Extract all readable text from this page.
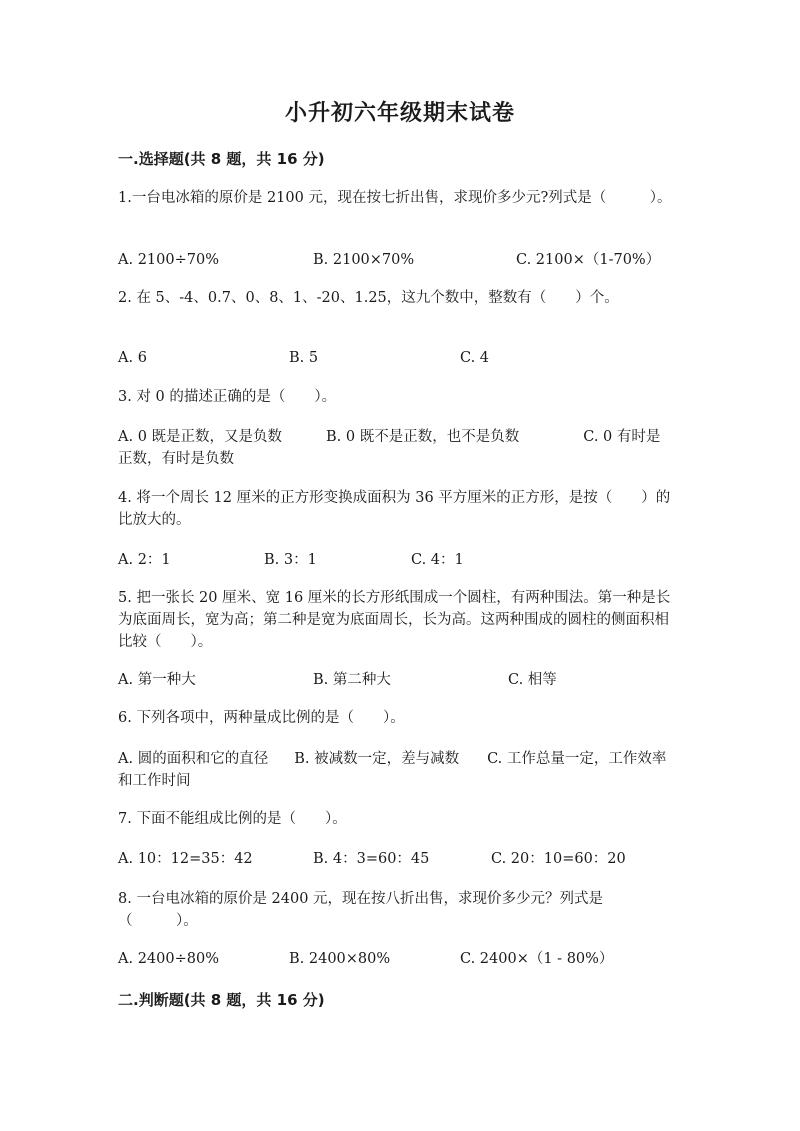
小升初六年级期末试卷
一.选择题(共 8 题，共 16 分)
1.一台电冰箱的原价是 2100 元，现在按七折出售，求现价多少元?列式是（　　　）。
A. 2100÷70%	B. 2100×70%	C. 2100×（1-70%）
2. 在 5、-4、0.7、0、8、1、-20、1.25，这九个数中，整数有（　　）个。
A. 6	B. 5	C. 4
3. 对 0 的描述正确的是（　　）。
A. 0 既是正数，又是负数	B. 0 既不是正数，也不是负数	C. 0 有时是正数，有时是负数
4. 将一个周长 12 厘米的正方形变换成面积为 36 平方厘米的正方形，是按（　　）的比放大的。
A. 2：1	B. 3：1	C. 4：1
5. 把一张长 20 厘米、宽 16 厘米的长方形纸围成一个圆柱，有两种围法。第一种是长为底面周长，宽为高；第二种是宽为底面周长，长为高。这两种围成的圆柱的侧面积相比较（　　）。
A. 第一种大	B. 第二种大	C. 相等
6. 下列各项中，两种量成比例的是（　　）。
A. 圆的面积和它的直径 B. 被减数一定，差与减数 C. 工作总量一定，工作效率和工作时间
7. 下面不能组成比例的是（　　）。
A. 10：12=35：42	B. 4：3=60：45	C. 20：10=60：20
8. 一台电冰箱的原价是 2400 元，现在按八折出售，求现价多少元？列式是（　　　）。
A. 2400÷80%	B. 2400×80%	C. 2400×（1 - 80%）
二.判断题(共 8 题，共 16 分)
